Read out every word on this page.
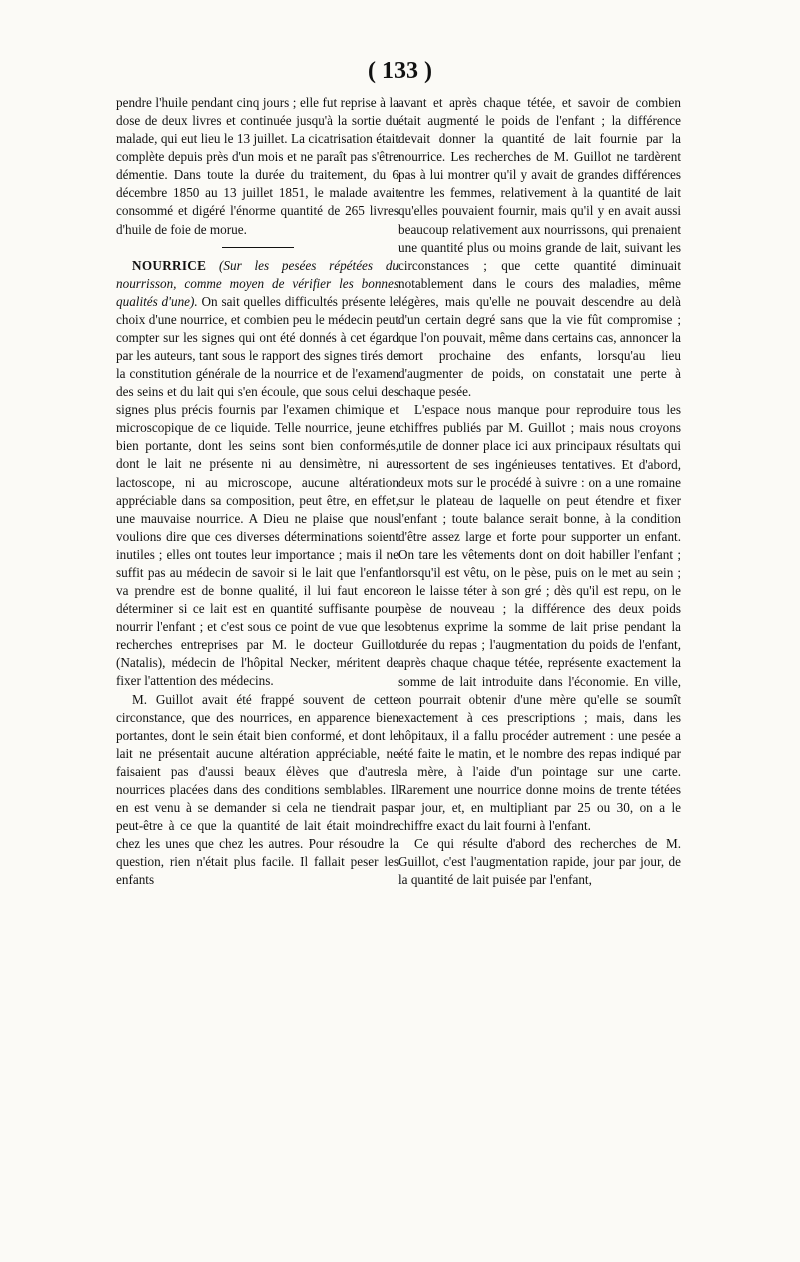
( 133 )

pendre l'huile pendant cinq jours ; elle fut reprise à la dose de deux livres et continuée jusqu'à la sortie du malade, qui eut lieu le 13 juillet. La cicatrisation était complète depuis près d'un mois et ne paraît pas s'être démentie. Dans toute la durée du traitement, du 6 décembre 1850 au 13 juillet 1851, le malade avait consommé et digéré l'énorme quantité de 265 livres d'huile de foie de morue.

NOURRICE (Sur les pesées répétées du nourrisson, comme moyen de vérifier les bonnes qualités d'une). On sait quelles difficultés présente le choix d'une nourrice, et combien peu le médecin peut compter sur les signes qui ont été donnés à cet égard par les auteurs, tant sous le rapport des signes tirés de la constitution générale de la nourrice et de l'examen des seins et du lait qui s'en écoule, que sous celui des signes plus précis fournis par l'examen chimique et microscopique de ce liquide. Telle nourrice, jeune et bien portante, dont les seins sont bien conformés, dont le lait ne présente ni au densimètre, ni au lactoscope, ni au microscope, aucune altération appréciable dans sa composition, peut être, en effet, une mauvaise nourrice. A Dieu ne plaise que nous voulions dire que ces diverses déterminations soient inutiles ; elles ont toutes leur importance ; mais il ne suffit pas au médecin de savoir si le lait que l'enfant va prendre est de bonne qualité, il lui faut encore déterminer si ce lait est en quantité suffisante pour nourrir l'enfant ; et c'est sous ce point de vue que les recherches entreprises par M. le docteur Guillot (Natalis), médecin de l'hôpital Necker, méritent de fixer l'attention des médecins.

M. Guillot avait été frappé souvent de cette circonstance, que des nourrices, en apparence bien portantes, dont le sein était bien conformé, et dont le lait ne présentait aucune altération appréciable, ne faisaient pas d'aussi beaux élèves que d'autres nourrices placées dans des conditions semblables. Il en est venu à se demander si cela ne tiendrait pas peut-être à ce que la quantité de lait était moindre chez les unes que chez les autres. Pour résoudre la question, rien n'était plus facile. Il fallait peser les enfants

avant et après chaque tétée, et savoir de combien était augmenté le poids de l'enfant ; la différence devait donner la quantité de lait fournie par la nourrice. Les recherches de M. Guillot ne tardèrent pas à lui montrer qu'il y avait de grandes différences entre les femmes, relativement à la quantité de lait qu'elles pouvaient fournir, mais qu'il y en avait aussi beaucoup relativement aux nourrissons, qui prenaient une quantité plus ou moins grande de lait, suivant les circonstances ; que cette quantité diminuait notablement dans le cours des maladies, même légères, mais qu'elle ne pouvait descendre au delà d'un certain degré sans que la vie fût compromise ; que l'on pouvait, même dans certains cas, annoncer la mort prochaine des enfants, lorsqu'au lieu d'augmenter de poids, on constatait une perte à chaque pesée.

L'espace nous manque pour reproduire tous les chiffres publiés par M. Guillot ; mais nous croyons utile de donner place ici aux principaux résultats qui ressortent de ses ingénieuses tentatives. Et d'abord, deux mots sur le procédé à suivre : on a une romaine sur le plateau de laquelle on peut étendre et fixer l'enfant ; toute balance serait bonne, à la condition d'être assez large et forte pour supporter un enfant. On tare les vêtements dont on doit habiller l'enfant ; lorsqu'il est vêtu, on le pèse, puis on le met au sein ; on le laisse téter à son gré ; dès qu'il est repu, on le pèse de nouveau ; la différence des deux poids obtenus exprime la somme de lait prise pendant la durée du repas ; l'augmentation du poids de l'enfant, après chaque chaque tétée, représente exactement la somme de lait introduite dans l'économie. En ville, on pourrait obtenir d'une mère qu'elle se soumît exactement à ces prescriptions ; mais, dans les hôpitaux, il a fallu procéder autrement : une pesée a été faite le matin, et le nombre des repas indiqué par la mère, à l'aide d'un pointage sur une carte. Rarement une nourrice donne moins de trente tétées par jour, et, en multipliant par 25 ou 30, on a le chiffre exact du lait fourni à l'enfant.

Ce qui résulte d'abord des recherches de M. Guillot, c'est l'augmentation rapide, jour par jour, de la quantité de lait puisée par l'enfant,
